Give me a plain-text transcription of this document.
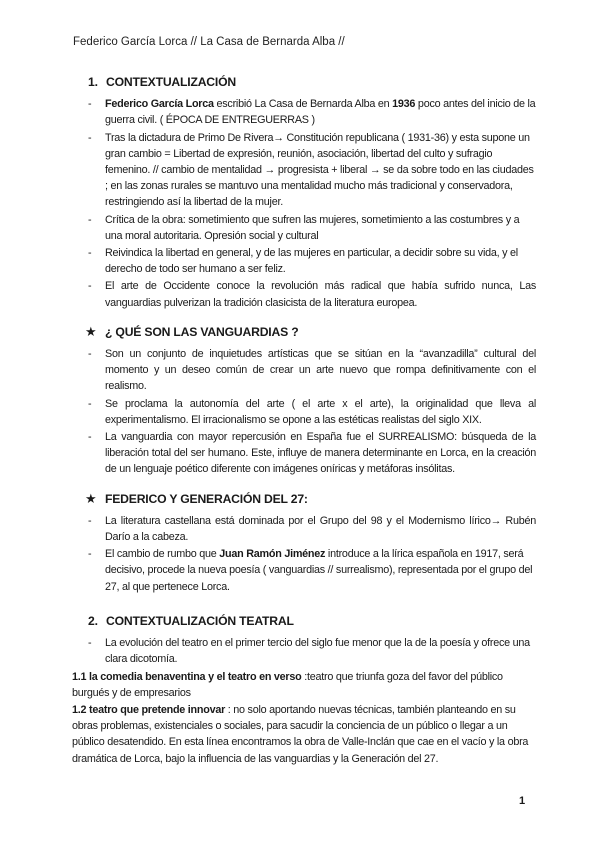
Federico García Lorca // La Casa de Bernarda Alba //
1. CONTEXTUALIZACIÓN
- Federico García Lorca escribió La Casa de Bernarda Alba en 1936 poco antes del inicio de la guerra civil. ( ÉPOCA DE ENTREGUERRAS )
- Tras la dictadura de Primo De Rivera→ Constitución republicana ( 1931-36) y esta supone un gran cambio = Libertad de expresión, reunión, asociación, libertad del culto y sufragio femenino. // cambio de mentalidad → progresista + liberal → se da sobre todo en las ciudades ; en las zonas rurales se mantuvo una mentalidad mucho más tradicional y conservadora, restringiendo así la libertad de la mujer.
- Crítica de la obra: sometimiento que sufren las mujeres, sometimiento a las costumbres y a una moral autoritaria. Opresión social y cultural
- Reivindica la libertad en general, y de las mujeres en particular, a decidir sobre su vida, y el derecho de todo ser humano a ser feliz.
- El arte de Occidente conoce la revolución más radical que había sufrido nunca, Las vanguardias pulverizan la tradición clasicista de la literatura europea.
★ ¿ QUÉ SON LAS VANGUARDIAS ?
- Son un conjunto de inquietudes artísticas que se sitúan en la “avanzadilla” cultural del momento y un deseo común de crear un arte nuevo que rompa definitivamente con el realismo.
- Se proclama la autonomía del arte ( el arte x el arte), la originalidad que lleva al experimentalismo. El irracionalismo se opone a las estéticas realistas del siglo XIX.
- La vanguardia con mayor repercusión en España fue el SURREALISMO: búsqueda de la liberación total del ser humano. Este, influye de manera determinante en Lorca, en la creación de un lenguaje poético diferente con imágenes oníricas y metáforas insólitas.
★ FEDERICO Y GENERACIÓN DEL 27:
- La literatura castellana está dominada por el Grupo del 98 y el Modernismo lírico→ Rubén Darío a la cabeza.
- El cambio de rumbo que Juan Ramón Jiménez introduce a la lírica española en 1917, será decisivo, procede la nueva poesía ( vanguardias // surrealismo), representada por el grupo del 27, al que pertenece Lorca.
2. CONTEXTUALIZACIÓN TEATRAL
- La evolución del teatro en el primer tercio del siglo fue menor que la de la poesía y ofrece una clara dicotomía.
1.1 la comedia benaventina y el teatro en verso :teatro que triunfa goza del favor del público burgués y de empresarios
1.2 teatro que pretende innovar : no solo aportando nuevas técnicas, también planteando en su obras problemas, existenciales o sociales, para sacudir la conciencia de un público o llegar a un público desatendido. En esta línea encontramos la obra de Valle-Inclán que cae en el vacío y la obra dramática de Lorca, bajo la influencia de las vanguardias y la Generación del 27.
1
